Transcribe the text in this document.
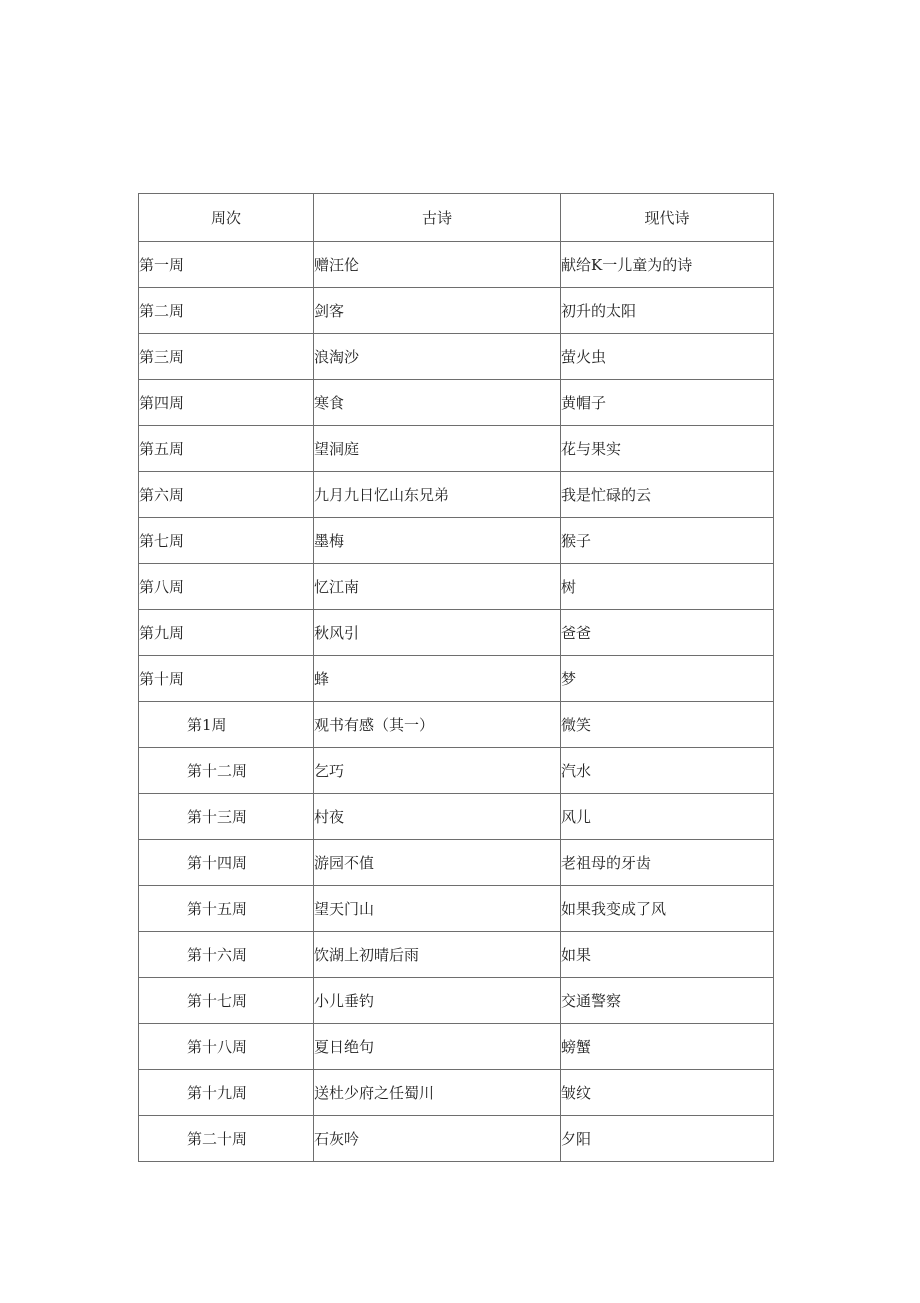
周次	古诗	现代诗
第一周	赠汪伦	献给K一儿童为的诗
第二周	剑客	初升的太阳
第三周	浪淘沙	萤火虫
第四周	寒食	黄帽子
第五周	望洞庭	花与果实
第六周	九月九日忆山东兄弟	我是忙碌的云
第七周	墨梅	猴子
第八周	忆江南	树
第九周	秋风引	爸爸
第十周	蜂	梦
第1周	观书有感（其一）	微笑
第十二周	乞巧	汽水
第十三周	村夜	风儿
第十四周	游园不值	老祖母的牙齿
第十五周	望天门山	如果我变成了风
第十六周	饮湖上初晴后雨	如果
第十七周	小儿垂钓	交通警察
第十八周	夏日绝句	螃蟹
第十九周	送杜少府之任蜀川	皱纹
第二十周	石灰吟	夕阳
